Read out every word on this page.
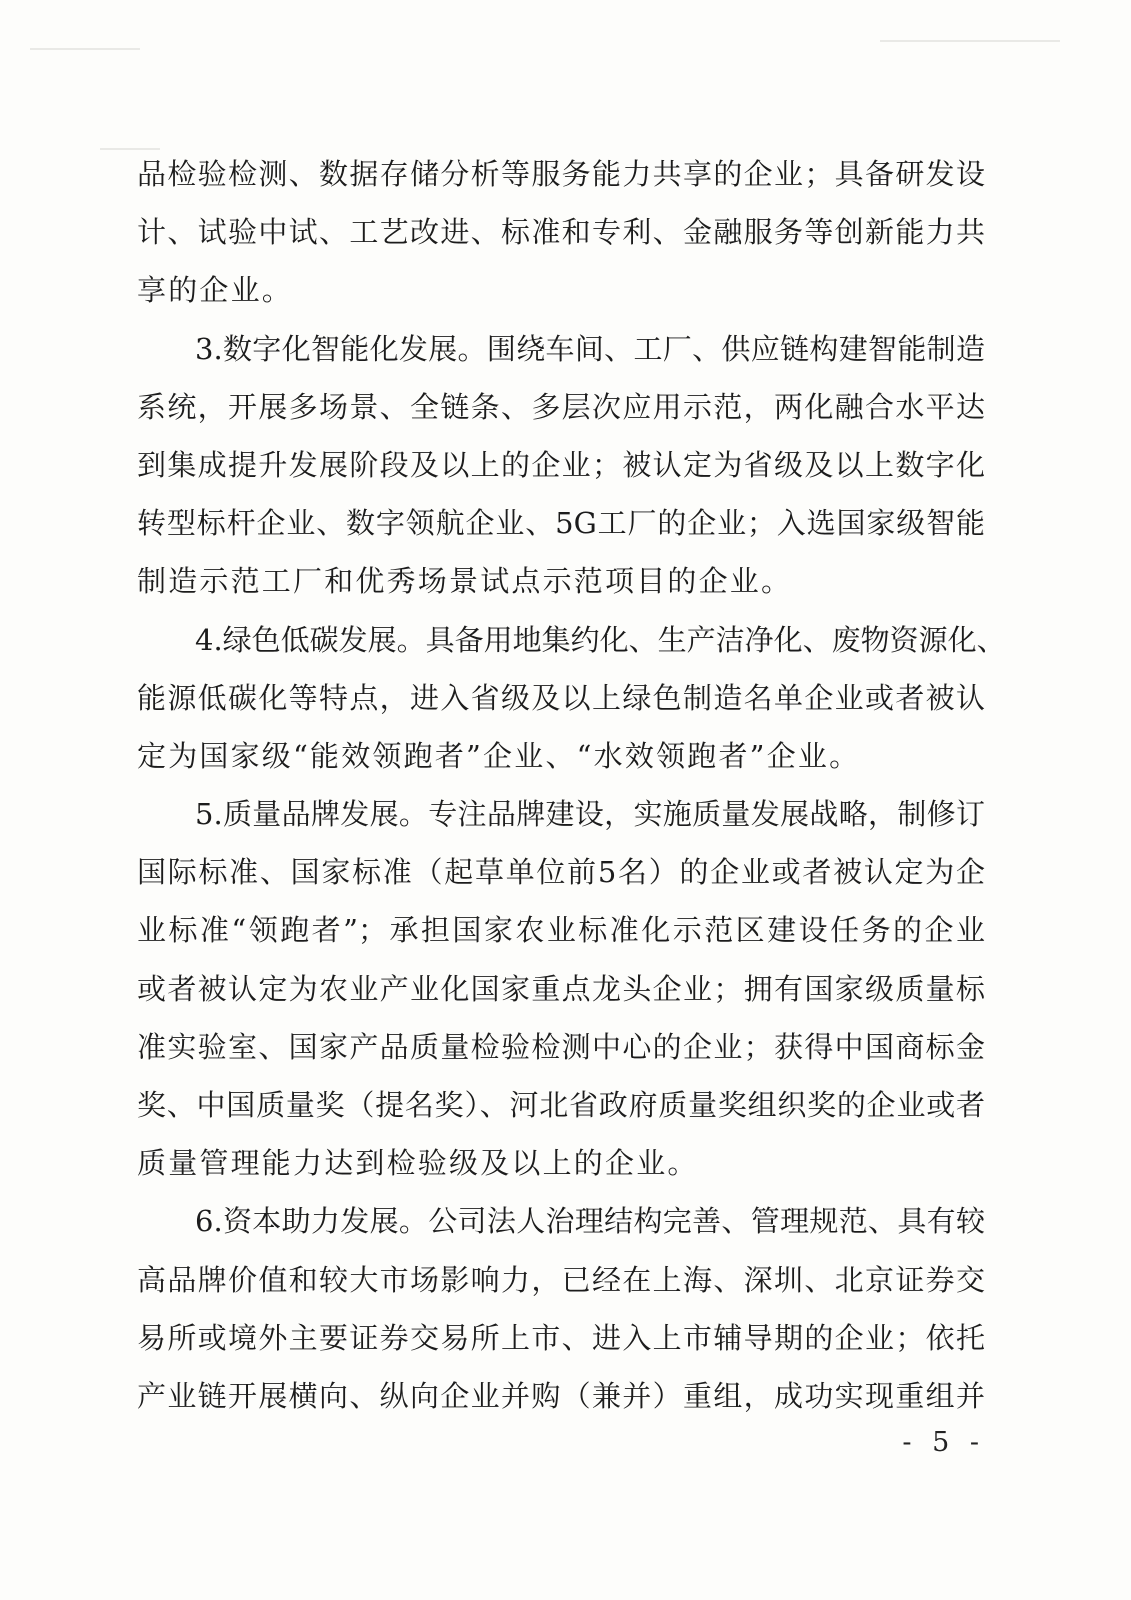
品检验检测、数据存储分析等服务能力共享的企业；具备研发设
计、试验中试、工艺改进、标准和专利、金融服务等创新能力共
享的企业。
3.数字化智能化发展。围绕车间、工厂、供应链构建智能制造
系统，开展多场景、全链条、多层次应用示范，两化融合水平达
到集成提升发展阶段及以上的企业；被认定为省级及以上数字化
转型标杆企业、数字领航企业、5G工厂的企业；入选国家级智能
制造示范工厂和优秀场景试点示范项目的企业。
4.绿色低碳发展。具备用地集约化、生产洁净化、废物资源化、
能源低碳化等特点，进入省级及以上绿色制造名单企业或者被认
定为国家级“能效领跑者”企业、“水效领跑者”企业。
5.质量品牌发展。专注品牌建设，实施质量发展战略，制修订
国际标准、国家标准（起草单位前5名）的企业或者被认定为企
业标准“领跑者”；承担国家农业标准化示范区建设任务的企业
或者被认定为农业产业化国家重点龙头企业；拥有国家级质量标
准实验室、国家产品质量检验检测中心的企业；获得中国商标金
奖、中国质量奖（提名奖）、河北省政府质量奖组织奖的企业或者
质量管理能力达到检验级及以上的企业。
6.资本助力发展。公司法人治理结构完善、管理规范、具有较
高品牌价值和较大市场影响力，已经在上海、深圳、北京证券交
易所或境外主要证券交易所上市、进入上市辅导期的企业；依托
产业链开展横向、纵向企业并购（兼并）重组，成功实现重组并
- 5 -
